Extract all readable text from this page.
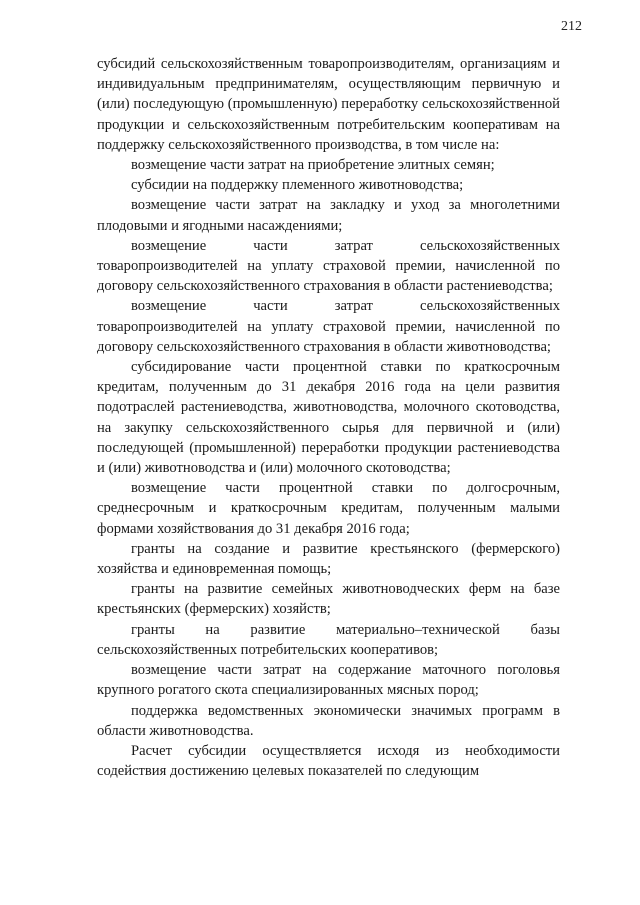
212

субсидий сельскохозяйственным товаропроизводителям, организациям и индивидуальным предпринимателям, осуществляющим первичную и (или) последующую (промышленную) переработку сельскохозяйственной продукции и сельскохозяйственным потребительским кооперативам на поддержку сельскохозяйственного производства, в том числе на:

возмещение части затрат на приобретение элитных семян;

субсидии на поддержку племенного животноводства;

возмещение части затрат на закладку и уход за многолетними плодовыми и ягодными насаждениями;

возмещение части затрат сельскохозяйственных товаропроизводителей на уплату страховой премии, начисленной по договору сельскохозяйственного страхования в области растениеводства;

возмещение части затрат сельскохозяйственных товаропроизводителей на уплату страховой премии, начисленной по договору сельскохозяйственного страхования в области животноводства;

субсидирование части процентной ставки по краткосрочным кредитам, полученным до 31 декабря 2016 года на цели развития подотраслей растениеводства, животноводства, молочного скотоводства, на закупку сельскохозяйственного сырья для первичной и (или) последующей (промышленной) переработки продукции растениеводства и (или) животноводства и (или) молочного скотоводства;

возмещение части процентной ставки по долгосрочным, среднесрочным и краткосрочным кредитам, полученным малыми формами хозяйствования до 31 декабря 2016 года;

гранты на создание и развитие крестьянского (фермерского) хозяйства и единовременная помощь;

гранты на развитие семейных животноводческих ферм на базе крестьянских (фермерских) хозяйств;

гранты на развитие материально–технической базы сельскохозяйственных потребительских кооперативов;

возмещение части затрат на содержание маточного поголовья крупного рогатого скота специализированных мясных пород;

поддержка ведомственных экономически значимых программ в области животноводства.

Расчет субсидии осуществляется исходя из необходимости содействия достижению целевых показателей по следующим
